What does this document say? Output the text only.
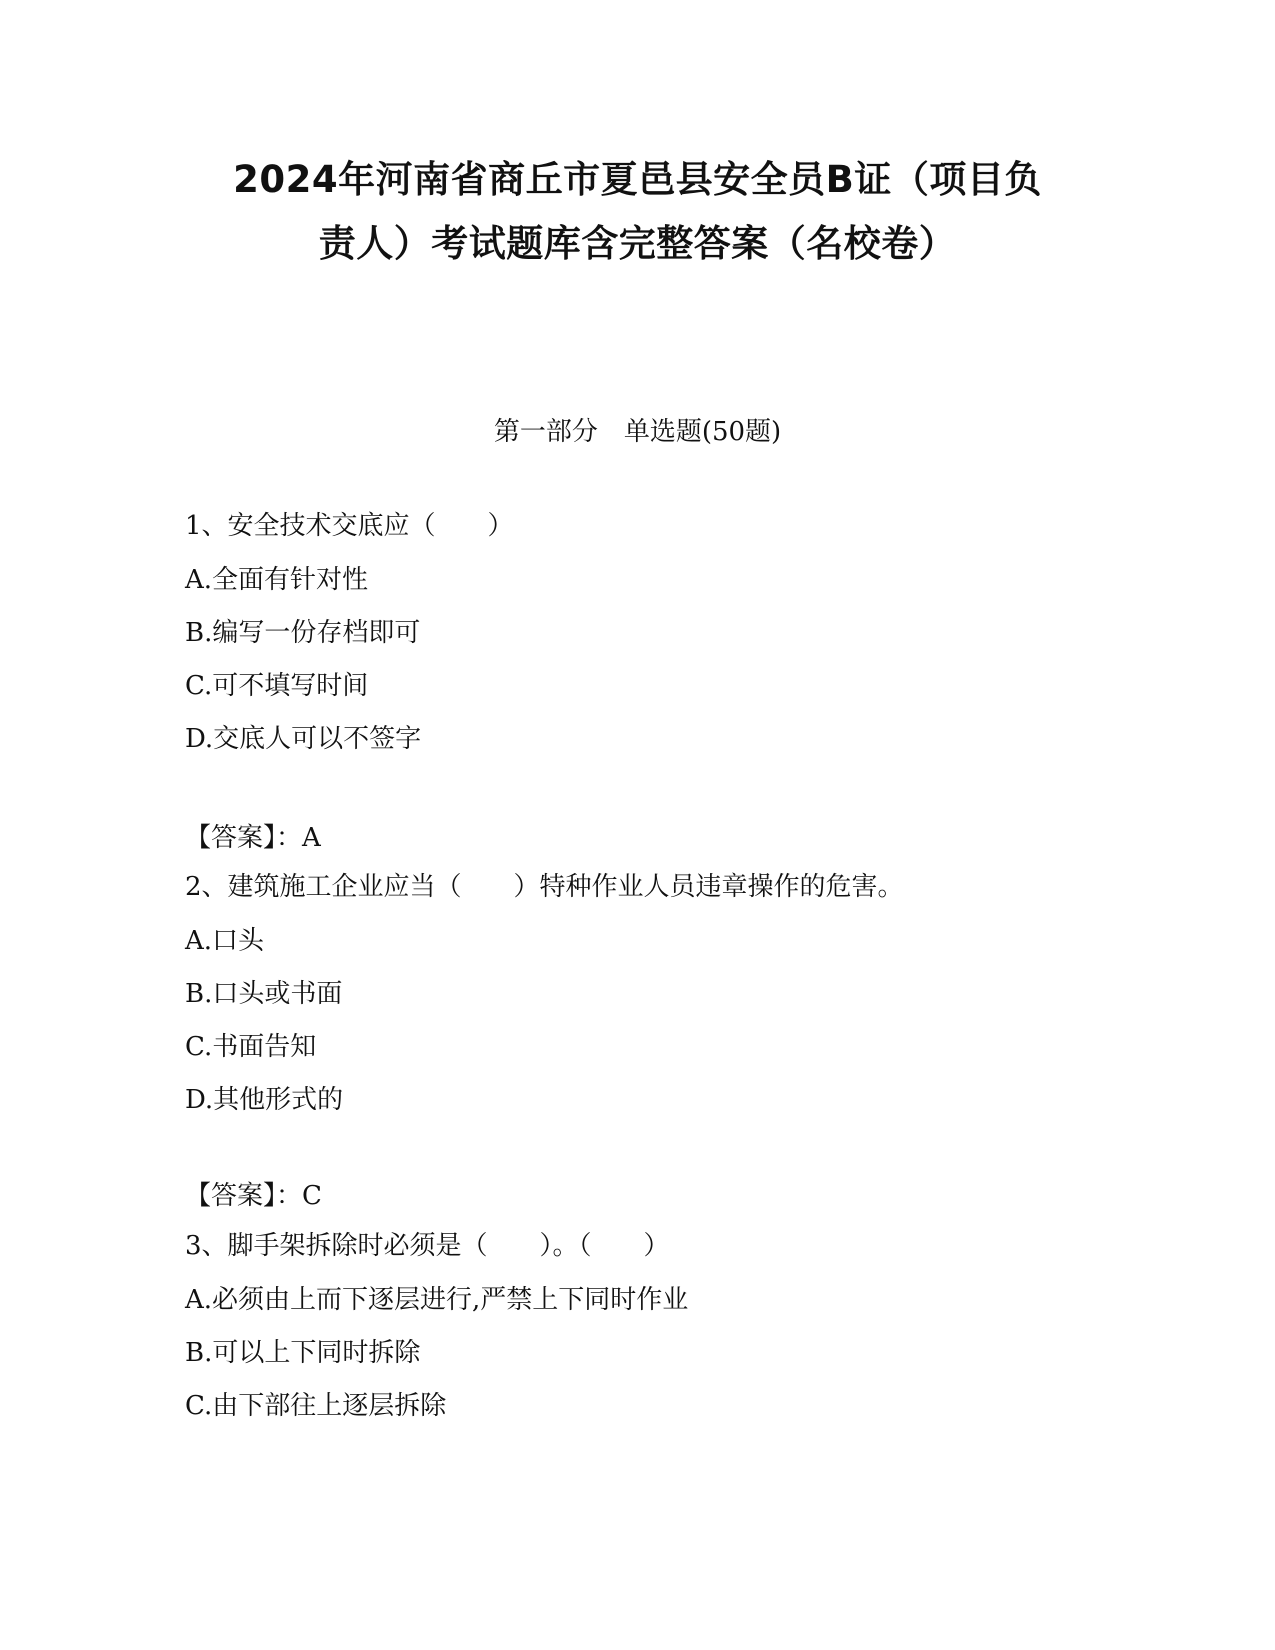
2024年河南省商丘市夏邑县安全员B证（项目负
责人）考试题库含完整答案（名校卷）
第一部分　单选题(50题)
1、安全技术交底应（　　）
A.全面有针对性
B.编写一份存档即可
C.可不填写时间
D.交底人可以不签字
【答案】：A
2、建筑施工企业应当（　　）特种作业人员违章操作的危害。
A.口头
B.口头或书面
C.书面告知
D.其他形式的
【答案】：C
3、脚手架拆除时必须是（　　）。（　　）
A.必须由上而下逐层进行,严禁上下同时作业
B.可以上下同时拆除
C.由下部往上逐层拆除
